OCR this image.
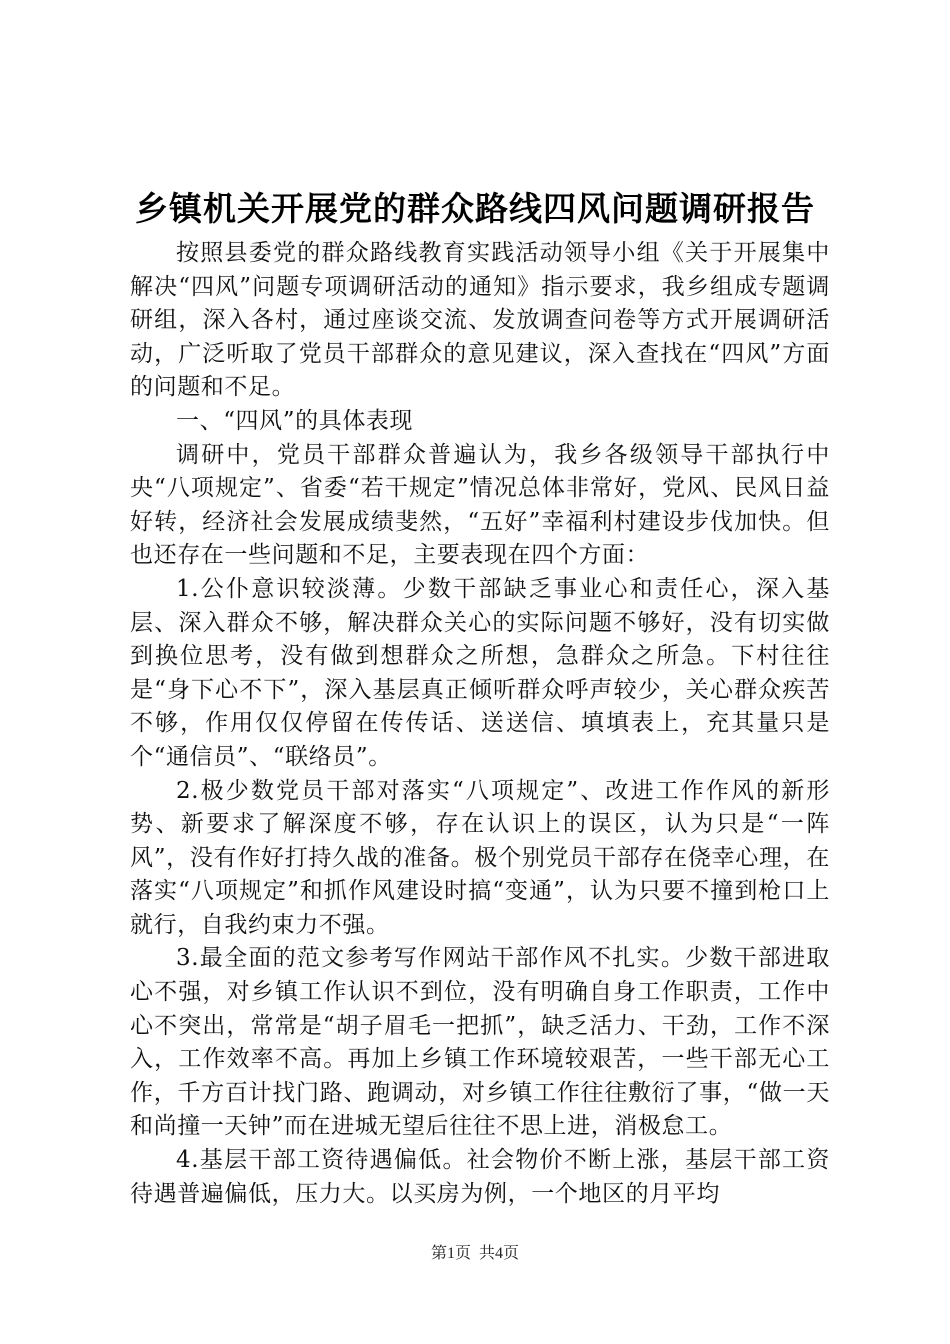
乡镇机关开展党的群众路线四风问题调研报告

按照县委党的群众路线教育实践活动领导小组《关于开展集中解决“四风”问题专项调研活动的通知》指示要求，我乡组成专题调研组，深入各村，通过座谈交流、发放调查问卷等方式开展调研活动，广泛听取了党员干部群众的意见建议，深入查找在“四风”方面的问题和不足。

一、“四风”的具体表现

调研中，党员干部群众普遍认为，我乡各级领导干部执行中央“八项规定”、省委“若干规定”情况总体非常好，党风、民风日益好转，经济社会发展成绩斐然，“五好”幸福利村建设步伐加快。但也还存在一些问题和不足，主要表现在四个方面：

1.公仆意识较淡薄。少数干部缺乏事业心和责任心，深入基层、深入群众不够，解决群众关心的实际问题不够好，没有切实做到换位思考，没有做到想群众之所想，急群众之所急。下村往往是“身下心不下”，深入基层真正倾听群众呼声较少，关心群众疾苦不够，作用仅仅停留在传传话、送送信、填填表上，充其量只是个“通信员”、“联络员”。

2.极少数党员干部对落实“八项规定”、改进工作作风的新形势、新要求了解深度不够，存在认识上的误区，认为只是“一阵风”，没有作好打持久战的准备。极个别党员干部存在侥幸心理，在落实“八项规定”和抓作风建设时搞“变通”，认为只要不撞到枪口上就行，自我约束力不强。

3.最全面的范文参考写作网站干部作风不扎实。少数干部进取心不强，对乡镇工作认识不到位，没有明确自身工作职责，工作中心不突出，常常是“胡子眉毛一把抓”，缺乏活力、干劲，工作不深入，工作效率不高。再加上乡镇工作环境较艰苦，一些干部无心工作，千方百计找门路、跑调动，对乡镇工作往往敷衍了事，“做一天和尚撞一天钟”而在进城无望后往往不思上进，消极怠工。

4.基层干部工资待遇偏低。社会物价不断上涨，基层干部工资待遇普遍偏低，压力大。以买房为例，一个地区的月平均

第1页  共4页
